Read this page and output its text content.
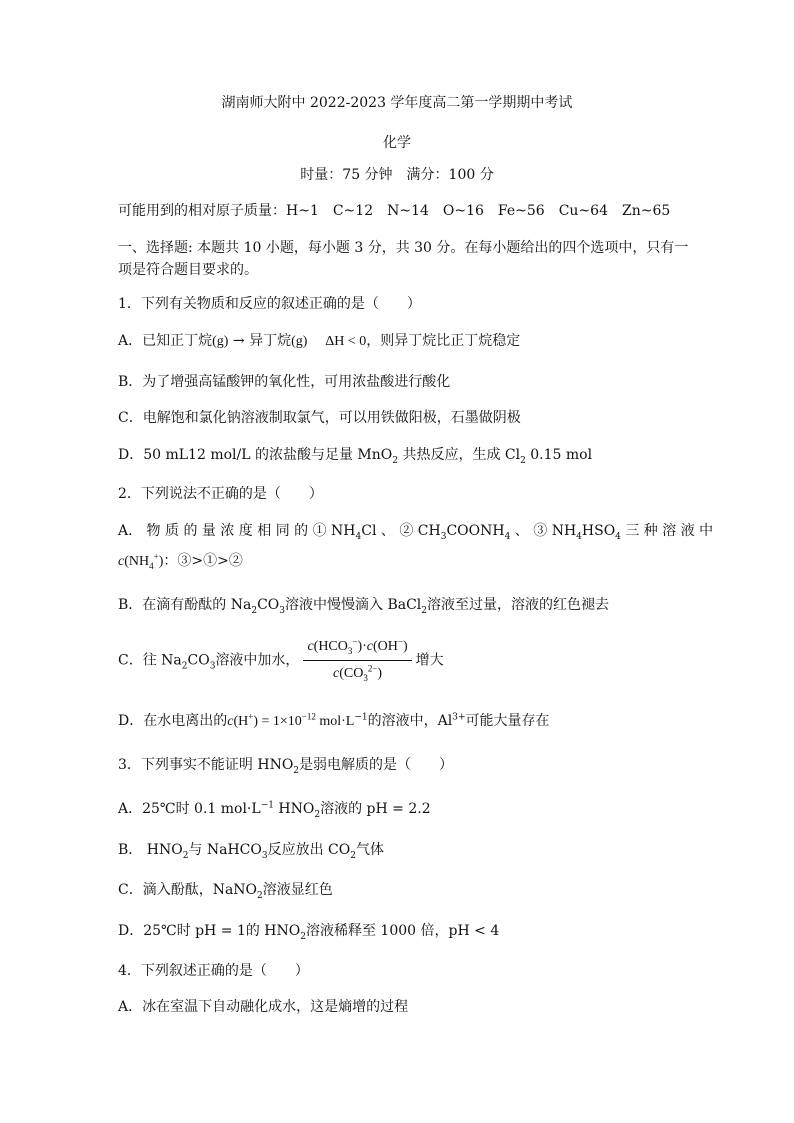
湖南师大附中 2022-2023 学年度高二第一学期期中考试
化学
时量：75 分钟　满分：100 分
可能用到的相对原子质量：H~1　C~12　N~14　O~16　Fe~56　Cu~64　Zn~65
一、选择题: 本题共 10 小题，每小题 3 分，共 30 分。在每小题给出的四个选项中，只有一
项是符合题目要求的。
1．下列有关物质和反应的叙述正确的是（　　）
A．已知正丁烷(g) → 异丁烷(g) ΔH < 0，则异丁烷比正丁烷稳定
B．为了增强高锰酸钾的氧化性，可用浓盐酸进行酸化
C．电解饱和氯化钠溶液制取氯气，可以用铁做阳极，石墨做阴极
D．50 mL12 mol/L 的浓盐酸与足量 MnO$_2$ 共热反应，生成 $Cl_2$ 0.15 mol
2．下列说法不正确的是（　　）
A． 物 质 的 量 浓 度 相 同 的 ① $NH_4Cl$ 、 ② $CH_3COONH_4$ 、 ③ $NH_4HSO_4$ 三 种 溶 液 中
$c(NH_4^+)$：③>①>②
B．在滴有酚酞的 $Na_2CO_3$溶液中慢慢滴入 BaCl$_2$溶液至过量，溶液的红色褪去
C．往 $Na_2CO_3$溶液中加水， $\frac{c(HCO_3^-)\cdot c(OH^-)}{c(CO_3^{2-})}$ 增大
D．在水电离出的$c(H^+) = 1\times 10^{-12}$ $mol\cdot L^{-1}$的溶液中，$Al^{3+}$可能大量存在
3．下列事实不能证明 $HNO_2$是弱电解质的是（　　）
A．25℃时 0.1 $mol\cdot L^{-1}$ $HNO_2$溶液的 pH = 2.2
B． $HNO_2$与 NaHCO$_3$反应放出 $CO_2$气体
C．滴入酚酞，NaNO$_2$溶液显红色
D．25℃时 pH = 1的 $HNO_2$溶液稀释至 1000 倍，pH < 4
4．下列叙述正确的是（　　）
A．冰在室温下自动融化成水，这是熵增的过程
